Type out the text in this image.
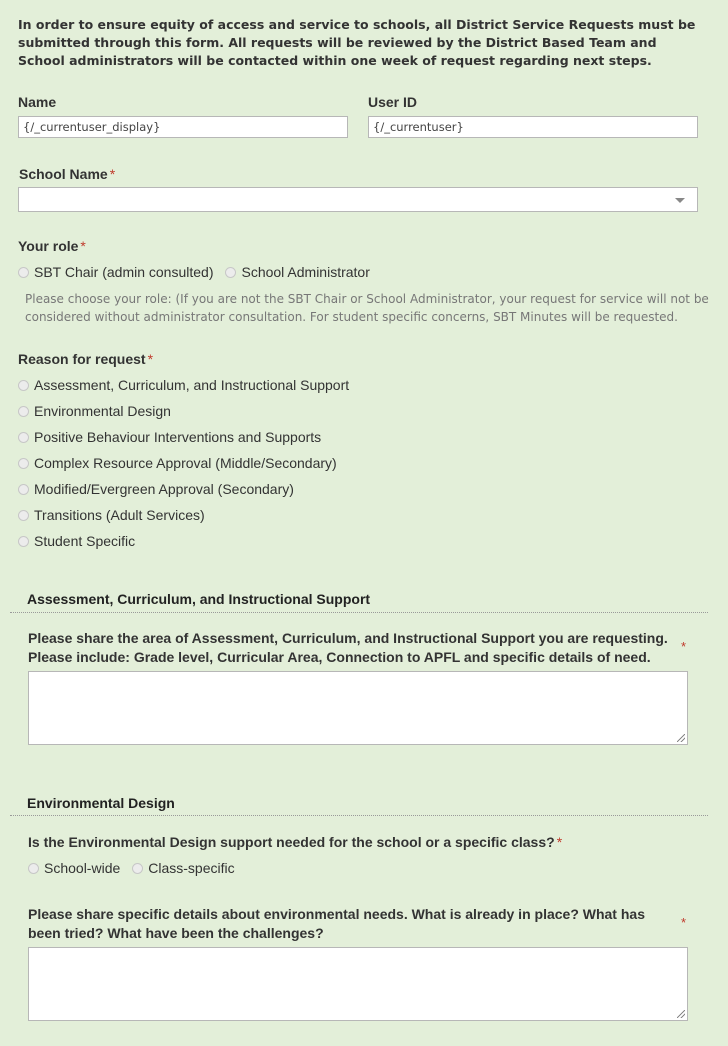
In order to ensure equity of access and service to schools, all District Service Requests must be submitted through this form. All requests will be reviewed by the District Based Team and School administrators will be contacted within one week of request regarding next steps.
Name
{/_currentuser_display}
User ID
{/_currentuser}
School Name *
Your role *
SBT Chair (admin consulted) School Administrator
Please choose your role: (If you are not the SBT Chair or School Administrator, your request for service will not be considered without administrator consultation. For student specific concerns, SBT Minutes will be requested.
Reason for request *
Assessment, Curriculum, and Instructional Support
Environmental Design
Positive Behaviour Interventions and Supports
Complex Resource Approval (Middle/Secondary)
Modified/Evergreen Approval (Secondary)
Transitions (Adult Services)
Student Specific
Assessment, Curriculum, and Instructional Support
Please share the area of Assessment, Curriculum, and Instructional Support you are requesting. Please include: Grade level, Curricular Area, Connection to APFL and specific details of need.
*
Environmental Design
Is the Environmental Design support needed for the school or a specific class? *
School-wide Class-specific
Please share specific details about environmental needs. What is already in place? What has been tried? What have been the challenges?
*
